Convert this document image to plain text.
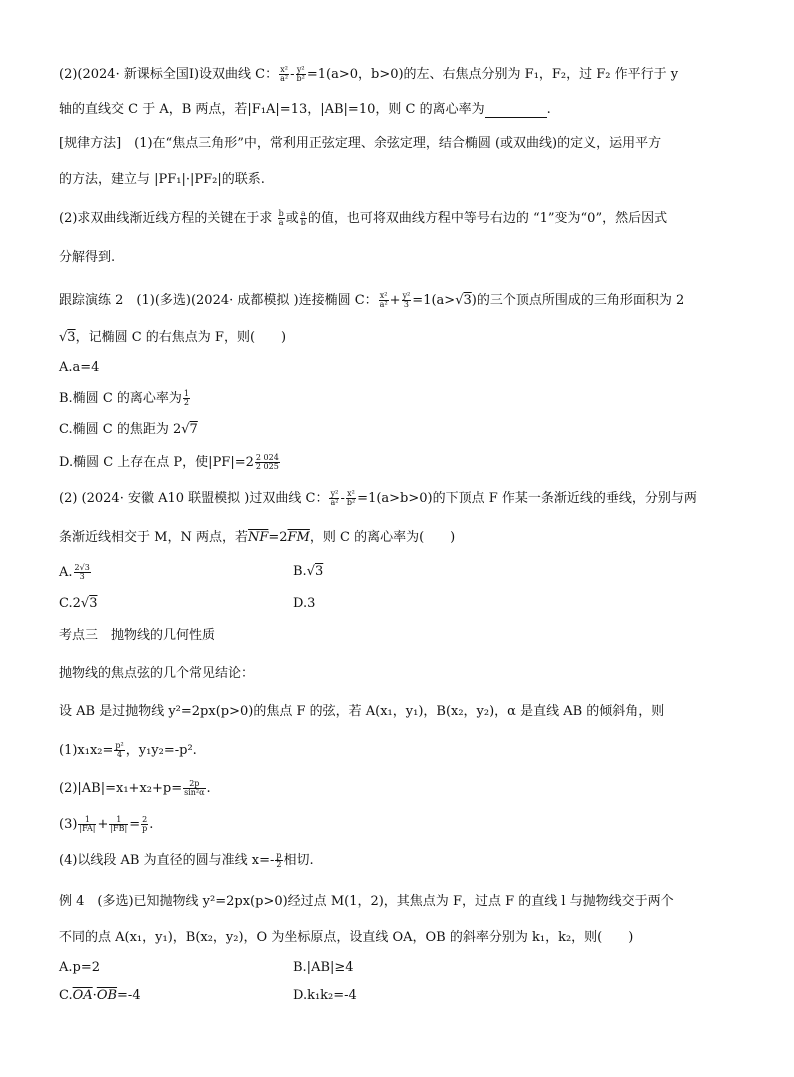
(2)(2024· 新课标全国Ⅰ)设双曲线 C： $\frac{\text{x²}}{\text{a²}} - \frac{\text{y²}}{\text{b²}} =1(a>0$，b>0)的左、右焦点分别为 F₁，F₂，过 F₂ 作平行于 y
轴的直线交 C 于 A，B 两点，若|F₁A|=13，|AB|=10，则 C 的离心率为	.
[规律方法]　(1)在“焦点三角形”中，常利用正弦定理、余弦定理，结合椭圆 (或双曲线)的定义，运用平方
的方法，建立与 |PF₁|·|PF₂|的联系.
(2)求双曲线渐近线方程的关键在于求 $\frac{b}{a}$ 或 $\frac{a}{b}$ 的值，也可将双曲线方程中等号右边的 “1”变为“0”，然后因式
分解得到.
跟踪演练 2　(1)(多选)(2024· 成都模拟 )连接椭圆 C： $\frac{\text{x²}}{\text{a²}} + \frac{\text{y²}}{3} =1(a>√3)$的三个顶点所围成的三角形面积为 2
√3，记椭圆 C 的右焦点为 F，则(　　)
A.a=4
B.椭圆 C 的离心率为 $\frac{1}{2}$
C.椭圆 C 的焦距为 2√7
D.椭圆 C 上存在点 P，使$|PF|=2 \frac{2 024}{2 025}$
(2) (2024· 安徽 A10 联盟模拟 )过双曲线 C： $\frac{\text{y²}}{\text{a²}} - \frac{\text{x²}}{\text{b²}} =1(a>b>0)$的下顶点 F 作某一条渐近线的垂线，分别与两
条渐近线相交于 M，N 两点，若$\overline{NF}=2\overline{FM}$，则 C 的离心率为(　　)
A. $\frac{2√3}{3}$	B.√3
C.2√3	D.3
考点三　抛物线的几何性质
抛物线的焦点弦的几个常见结论：
设 AB 是过抛物线 y²=2px(p>0)的焦点 F 的弦，若 A(x₁，y₁)，B(x₂，y₂)，α 是直线 AB 的倾斜角，则
$(1)x_1x_2= \frac{\text{p²}}{4}$ ，y₁y₂=-p².
$(2)|AB|=x_1+x_2+p= \frac{2p}{\text{sin²α}}$ .
$(3) \frac{1}{|FA|} + \frac{1}{|FB|} = \frac{2}{p}$ .
(4)以线段 AB 为直径的圆与准线 $x=- \frac{p}{2}$ 相切.
例 4　(多选)已知抛物线 y²=2px(p>0)经过点 M(1，2)，其焦点为 F，过点 F 的直线 l 与抛物线交于两个
不同的点 A(x₁，y₁)，B(x₂，y₂)，O 为坐标原点，设直线 OA，OB 的斜率分别为 k₁，k₂，则(　　)
A.p=2	B.|AB|≥4
$C.\overline{OA}\cdot\overline{OB}=-4$	D.k₁k₂=-4
